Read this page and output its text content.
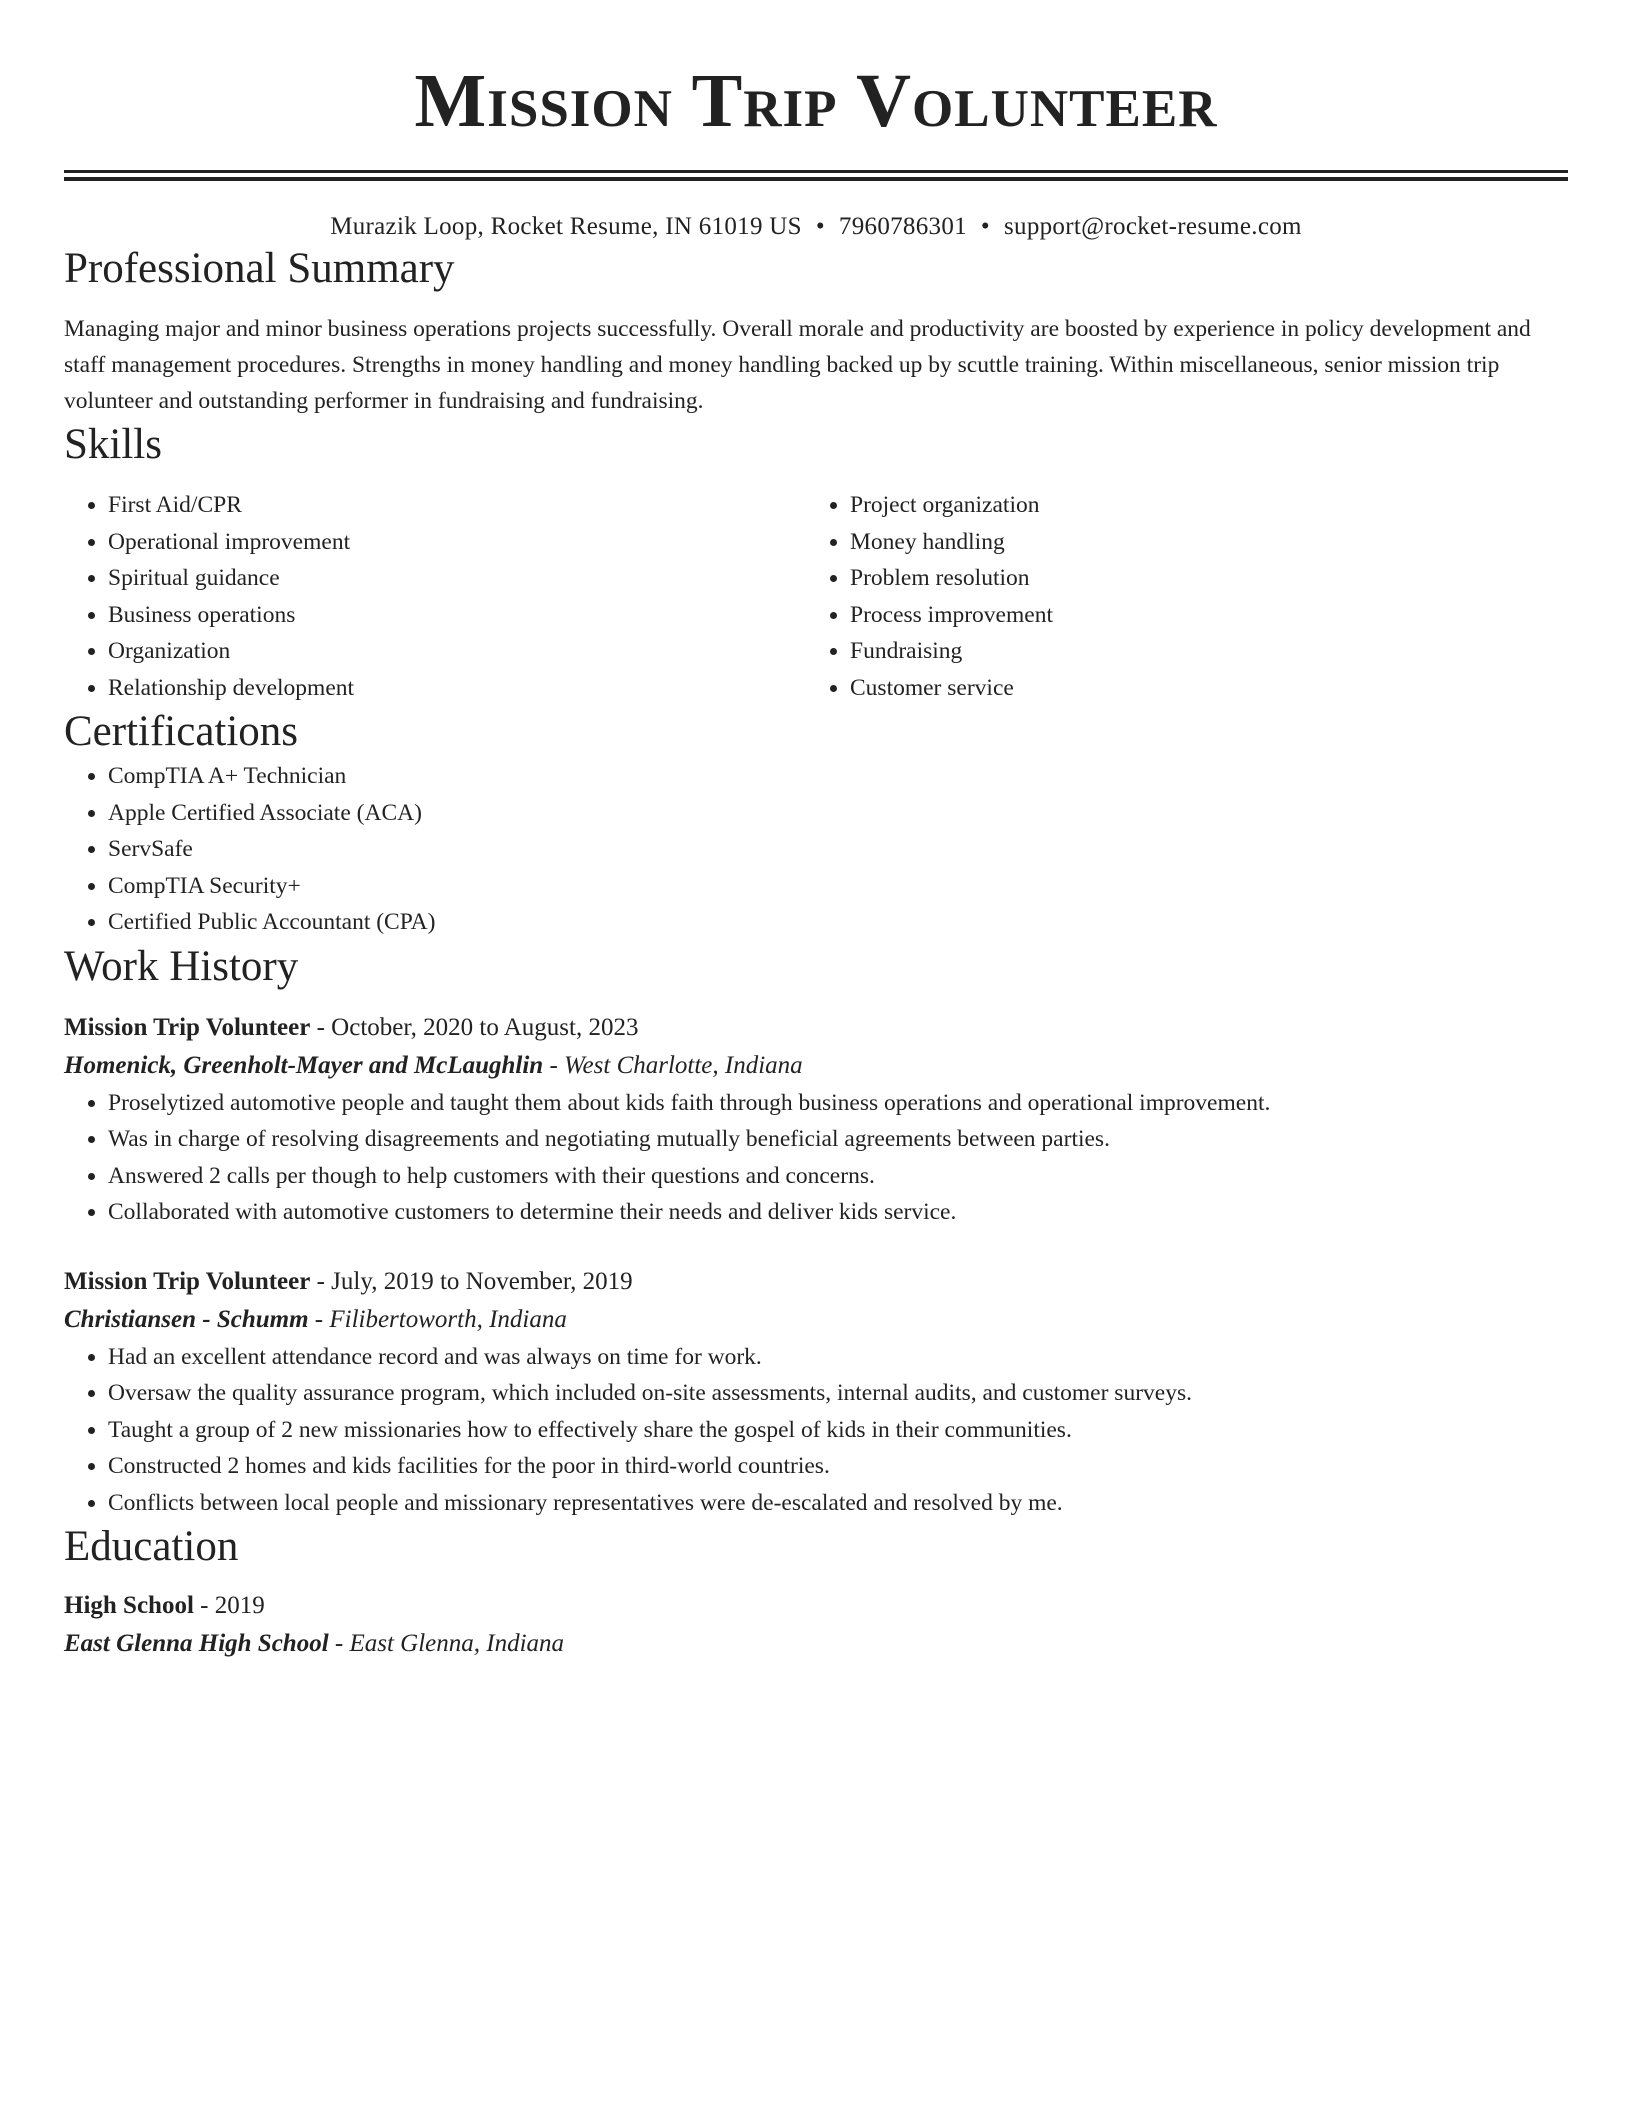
Mission Trip Volunteer
Murazik Loop, Rocket Resume, IN 61019 US • 7960786301 • support@rocket-resume.com
Professional Summary

Managing major and minor business operations projects successfully. Overall morale and productivity are boosted by experience in policy development and staff management procedures. Strengths in money handling and money handling backed up by scuttle training. Within miscellaneous, senior mission trip volunteer and outstanding performer in fundraising and fundraising.

Skills
• First Aid/CPR
• Operational improvement
• Spiritual guidance
• Business operations
• Organization
• Relationship development
• Project organization
• Money handling
• Problem resolution
• Process improvement
• Fundraising
• Customer service
Certifications
• CompTIA A+ Technician
• Apple Certified Associate (ACA)
• ServSafe
• CompTIA Security+
• Certified Public Accountant (CPA)
Work History
Mission Trip Volunteer - October, 2020 to August, 2023
Homenick, Greenholt-Mayer and McLaughlin - West Charlotte, Indiana
• Proselytized automotive people and taught them about kids faith through business operations and operational improvement.
• Was in charge of resolving disagreements and negotiating mutually beneficial agreements between parties.
• Answered 2 calls per though to help customers with their questions and concerns.
• Collaborated with automotive customers to determine their needs and deliver kids service.
Mission Trip Volunteer - July, 2019 to November, 2019
Christiansen - Schumm - Filibertoworth, Indiana
• Had an excellent attendance record and was always on time for work.
• Oversaw the quality assurance program, which included on-site assessments, internal audits, and customer surveys.
• Taught a group of 2 new missionaries how to effectively share the gospel of kids in their communities.
• Constructed 2 homes and kids facilities for the poor in third-world countries.
• Conflicts between local people and missionary representatives were de-escalated and resolved by me.
Education
High School - 2019
East Glenna High School - East Glenna, Indiana
